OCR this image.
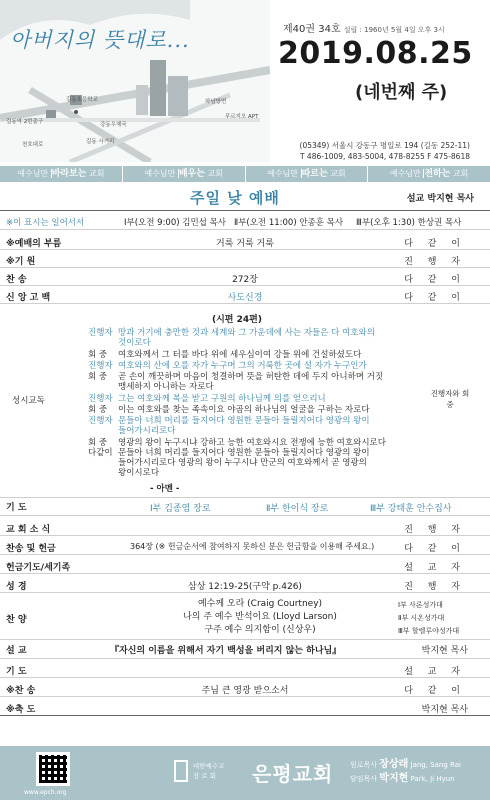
아버지의 뜻대로...
길동초등학교
길동역 2번출구
천호대로	길동 사거리
강동우체국
하남방면
푸르지오 APT
제40권 34호 설립 : 1960년 5월 4일 오후 3시
2019.08.25
(네번째 주)
(05349) 서울시 강동구 명일로 194 (길동 252-11)
T 486-1009, 483-5004, 478-8255 F 475-8618
예수님만 바라보는 교회	예수님만 배우는 교회	예수님만 따르는 교회	예수님만 전하는 교회
주일 낮 예배	설교 박지현 목사
※이 표시는 일어서서	Ⅰ부(오전 9:00) 김민섭 목사 Ⅱ부(오전 11:00) 안종훈 목사 Ⅲ부(오후 1:30) 한상권 목사
※예배의 부름	거룩 거룩 거룩	다 같 이
※기 원	진 행 자
찬 송	272장	다 같 이
신 앙 고 백	사도신경	다 같 이
(시편 24편)
성시교독
진행자와 회중
진행자 땅과 거기에 충만한 것과 세계와 그 가운데에 사는 자들은 다 여호와의
것이로다
회 중	여호와께서 그 터를 바다 위에 세우심이여 강들 위에 건설하셨도다
진행자 여호와의 산에 오를 자가 누구며 그의 거룩한 곳에 설 자가 누구인가
회 중	곧 손이 깨끗하며 마음이 청결하며 뜻을 허탄한 데에 두지 아니하며 거짓
맹세하지 아니하는 자로다
진행자 그는 여호와께 복을 받고 구원의 하나님께 의를 얻으리니
회 중	이는 여호와를 찾는 족속이요 야곱의 하나님의 얼굴을 구하는 자로다
진행자 문들아 너희 머리를 들지어다 영원한 문들아 들릴지어다 영광의 왕이
들어가시리로다
회 중	영광의 왕이 누구시냐 강하고 능한 여호와시요 전쟁에 능한 여호와시로다
다같이 문들아 너희 머리를 들지어다 영원한 문들아 들릴지어다 영광의 왕이
들어가시리로다 영광의 왕이 누구시냐 만군의 여호와께서 곧 영광의
왕이시로다
- 아멘 -
기 도	Ⅰ부 김종염 장로	Ⅱ부 한이식 장로	Ⅲ부 강태훈 안수집사
교 회 소 식	진 행 자
찬송 및 헌금	364장 (※ 헌금순서에 참여하지 못하신 분은 헌금함을 이용해 주세요.)	다 같 이
헌금기도/세기족	설 교 자
성 경	삼상 12:19-25(구약 p.426)	진 행 자
찬 양
예수께 오라 (Craig Courtney)
나의 주 예수 반석이요 (Lloyd Larson)
구주 예수 의지함이 (신상우)
Ⅰ부 사론성가대
Ⅱ부 시온성가대
Ⅲ부 할렐루야성가대
설 교	『자신의 이름을 위해서 자기 백성을 버리지 않는 하나님』	박지현 목사
기 도	설 교 자
※찬 송	주님 큰 영광 받으소서	다 같 이
※축 도	박지현 목사
www.epch.org
대한예수교
장 로 회	은평교회 원로목사 장상래 Jang, Sang Rai
담임목사 박지현 Park, Ji Hyun
